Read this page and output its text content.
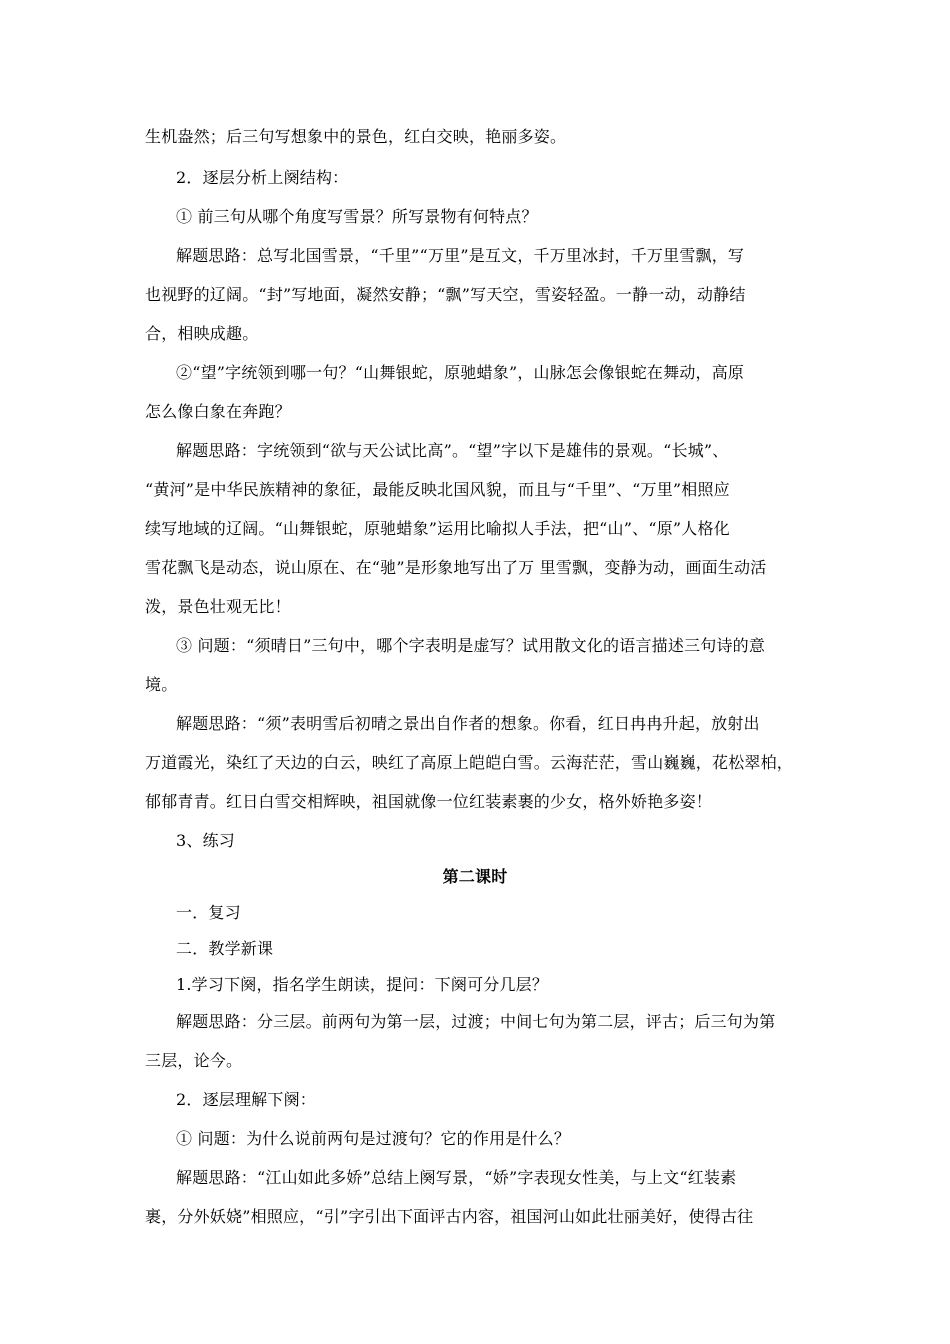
生机盎然；后三句写想象中的景色，红白交映，艳丽多姿。

2．逐层分析上阕结构：

① 前三句从哪个角度写雪景？所写景物有何特点？

解题思路：总写北国雪景，“千里”“万里”是互文，千万里冰封，千万里雪飘，写

也视野的辽阔。“封”写地面，凝然安静；“飘”写天空，雪姿轻盈。一静一动，动静结

合，相映成趣。

②“望”字统领到哪一句？“山舞银蛇，原驰蜡象”，山脉怎会像银蛇在舞动，高原

怎么像白象在奔跑？

解题思路：字统领到“欲与天公试比高”。“望”字以下是雄伟的景观。“长城”、

“黄河”是中华民族精神的象征，最能反映北国风貌，而且与“千里”、“万里”相照应

续写地域的辽阔。“山舞银蛇，原驰蜡象”运用比喻拟人手法，把“山”、“原”人格化

雪花飘飞是动态，说山原在、在“驰”是形象地写出了万 里雪飘，变静为动，画面生动活

泼，景色壮观无比！

③ 问题：“须晴日”三句中，哪个字表明是虚写？试用散文化的语言描述三句诗的意

境。

解题思路：“须”表明雪后初晴之景出自作者的想象。你看，红日冉冉升起，放射出

万道霞光，染红了天边的白云，映红了高原上皑皑白雪。云海茫茫，雪山巍巍，花松翠柏，

郁郁青青。红日白雪交相辉映，祖国就像一位红装素裹的少女，格外娇艳多姿！

3、练习

第二课时

一．复习

二．教学新课

1.学习下阕，指名学生朗读，提问：下阕可分几层？

解题思路：分三层。前两句为第一层，过渡；中间七句为第二层，评古；后三句为第

三层，论今。

2．逐层理解下阕：

① 问题：为什么说前两句是过渡句？它的作用是什么？

解题思路：“江山如此多娇”总结上阕写景，“娇”字表现女性美，与上文“红装素

裹，分外妖娆”相照应，“引”字引出下面评古内容，祖国河山如此壮丽美好，使得古往
